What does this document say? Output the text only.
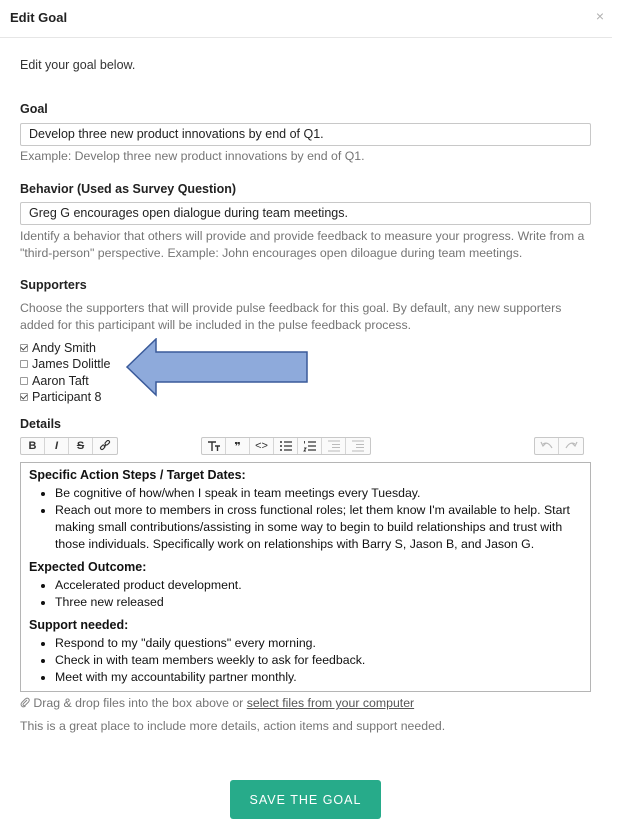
Edit Goal	×
Edit your goal below.
Goal
Develop three new product innovations by end of Q1.
Example: Develop three new product innovations by end of Q1.
Behavior (Used as Survey Question)
Greg G encourages open dialogue during team meetings.
Identify a behavior that others will provide and provide feedback to measure your progress. Write from a "third-person" perspective. Example: John encourages open diloague during team meetings.
Supporters
Choose the supporters that will provide pulse feedback for this goal. By default, any new supporters added for this participant will be included in the pulse feedback process.
Andy Smith
James Dolittle
Aaron Taft
Participant 8
Details
B	I	S	❞	<>
Specific Action Steps / Target Dates:
• Be cognitive of how/when I speak in team meetings every Tuesday.
• Reach out more to members in cross functional roles; let them know I'm available to help. Start making small contributions/assisting in some way to begin to build relationships and trust with those individuals. Specifically work on relationships with Barry S, Jason B, and Jason G.
Expected Outcome:
• Accelerated product development.
• Three new released
Support needed:
• Respond to my "daily questions" every morning.
• Check in with team members weekly to ask for feedback.
• Meet with my accountability partner monthly.
Drag & drop files into the box above or select files from your computer
This is a great place to include more details, action items and support needed.
SAVE THE GOAL
